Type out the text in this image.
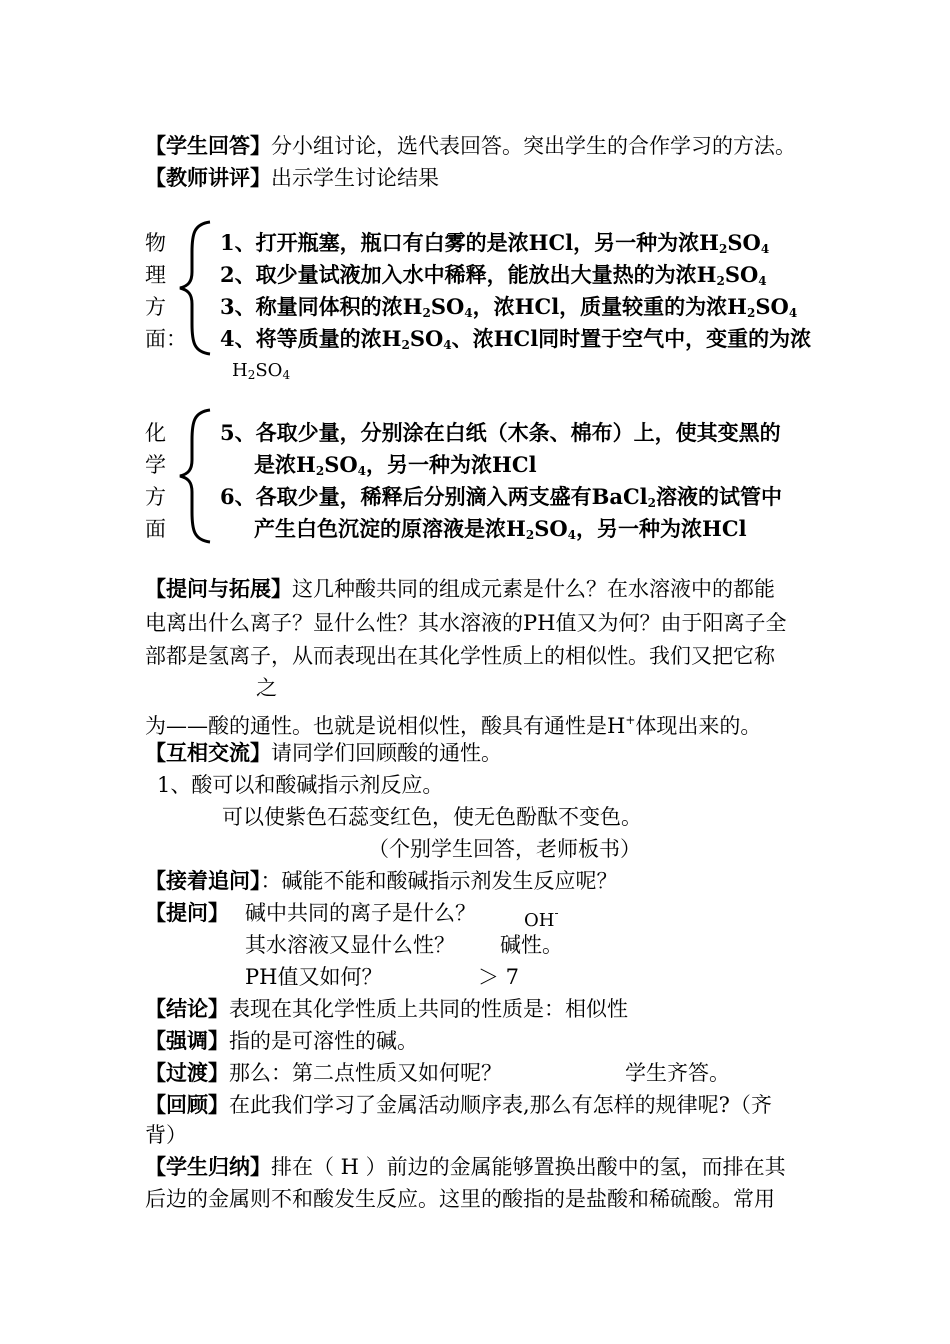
【学生回答】分小组讨论，选代表回答。突出学生的合作学习的方法。
【教师讲评】出示学生讨论结果
物
理
方
面：
1、打开瓶塞，瓶口有白雾的是浓HCl，另一种为浓$H_2SO_4$
2、取少量试液加入水中稀释，能放出大量热的为浓$H_2SO_4$
3、称量同体积的浓$H_2SO_4$，浓HCl，质量较重的为浓$H_2SO_4$
4、将等质量的浓$H_2SO_4$、浓HCl同时置于空气中，变重的为浓
$H_2SO_4$
化
学
方
面
5、各取少量，分别涂在白纸（木条、棉布）上，使其变黑的
是浓$H_2SO_4$，另一种为浓HCl
6、各取少量，稀释后分别滴入两支盛有BaCl$_2$溶液的试管中
产生白色沉淀的原溶液是浓$H_2SO_4$，另一种为浓HCl
【提问与拓展】这几种酸共同的组成元素是什么？在水溶液中的都能
电离出什么离子？显什么性？其水溶液的PH值又为何？由于阳离子全
部都是氢离子，从而表现出在其化学性质上的相似性。我们又把它称
之
为——酸的通性。也就是说相似性，酸具有通性是H+体现出来的。
【互相交流】请同学们回顾酸的通性。
1、酸可以和酸碱指示剂反应。
可以使紫色石蕊变红色，使无色酚酞不变色。
（个别学生回答，老师板书）
【接着追问】：碱能不能和酸碱指示剂发生反应呢？
【提问】 碱中共同的离子是什么？	OH-
其水溶液又显什么性？ 碱性。
PH值又如何？	＞ 7
【结论】表现在其化学性质上共同的性质是：相似性
【强调】指的是可溶性的碱。
【过渡】那么：第二点性质又如何呢？	学生齐答。
【回顾】在此我们学习了金属活动顺序表,那么有怎样的规律呢?（齐
背）
【学生归纳】排在（ H ）前边的金属能够置换出酸中的氢，而排在其
后边的金属则不和酸发生反应。这里的酸指的是盐酸和稀硫酸。常用
